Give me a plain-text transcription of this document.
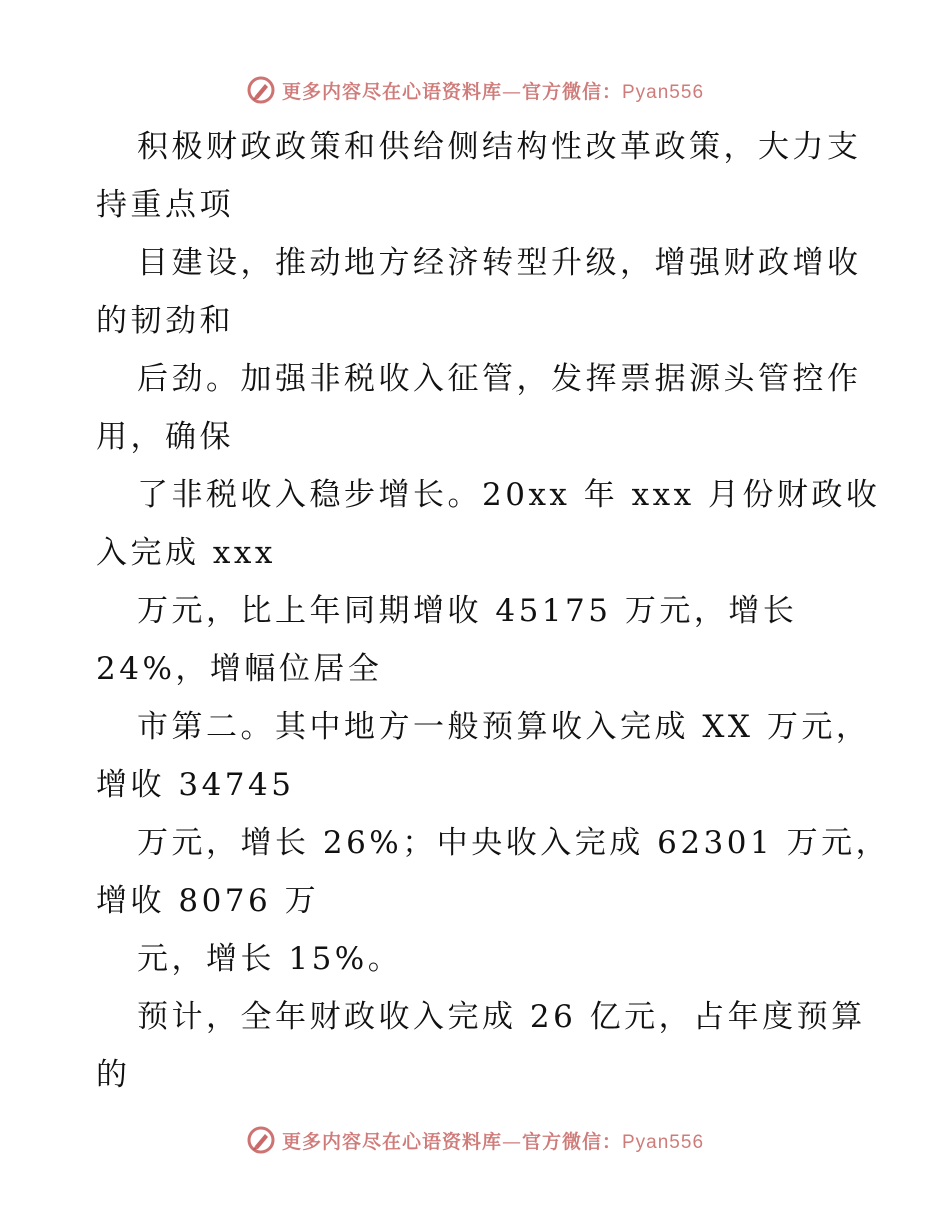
更多内容尽在心语资料库—官方微信：Pyan556
积极财政政策和供给侧结构性改革政策，大力支
持重点项
目建设，推动地方经济转型升级，增强财政增收
的韧劲和
后劲。加强非税收入征管，发挥票据源头管控作
用，确保
了非税收入稳步增长。20xx 年 xxx 月份财政收
入完成 xxx
万元，比上年同期增收 45175 万元，增长
24%，增幅位居全
市第二。其中地方一般预算收入完成 XX 万元，
增收 34745
万元，增长 26%；中央收入完成 62301 万元，
增收 8076 万
元，增长 15%。
预计，全年财政收入完成 26 亿元，占年度预算
的
更多内容尽在心语资料库—官方微信：Pyan556
